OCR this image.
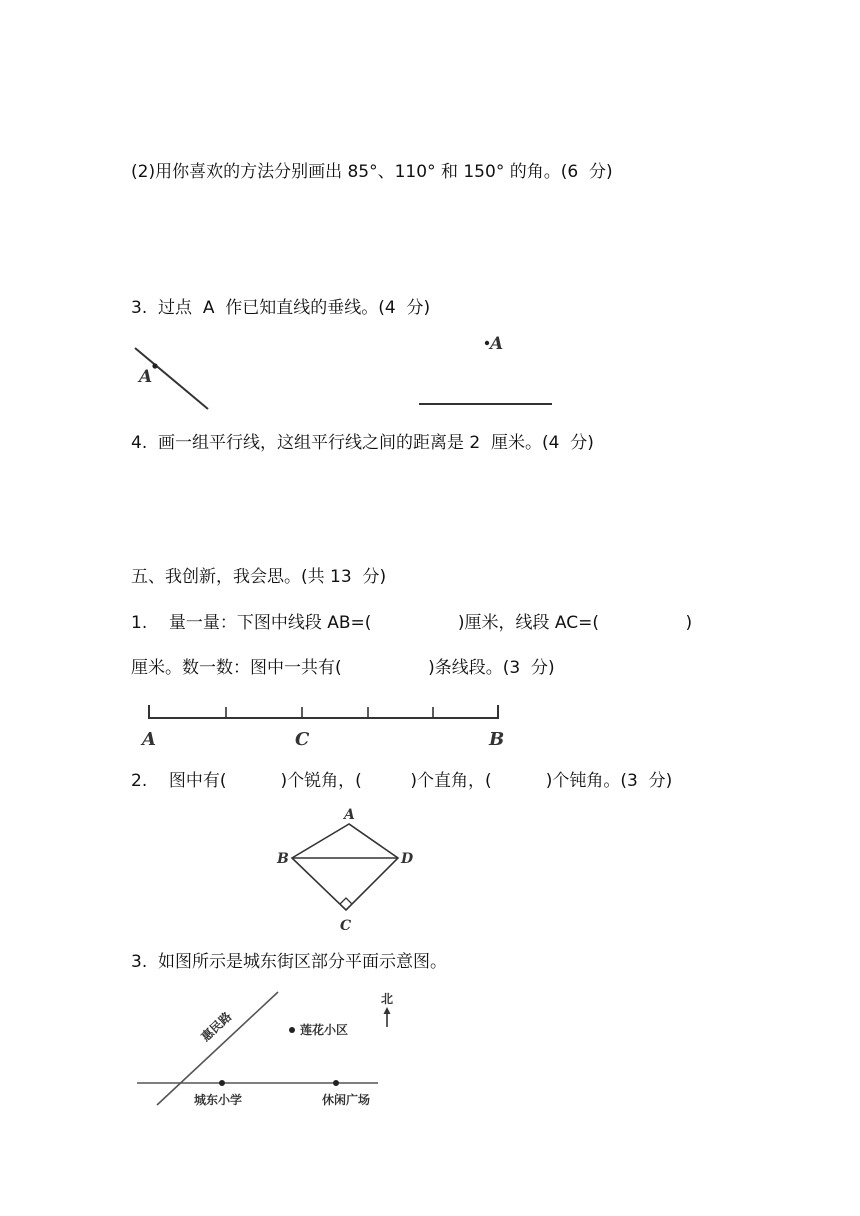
(2)用你喜欢的方法分别画出 85°、110° 和 150° 的角。(6  分)
3.  过点  A  作已知直线的垂线。(4  分)
A
A
4.  画一组平行线，这组平行线之间的距离是 2  厘米。(4  分)
五、我创新，我会思。(共 13  分)
1.    量一量：下图中线段 AB=(                )厘米，线段 AC=(                )
厘米。数一数：图中一共有(                )条线段。(3  分)
A	C	B
2.    图中有(          )个锐角，(         )个直角，(          )个钝角。(3  分)
A
B
C
D
3.  如图所示是城东街区部分平面示意图。
惠民路
北
莲花小区
城东小学	休闲广场
